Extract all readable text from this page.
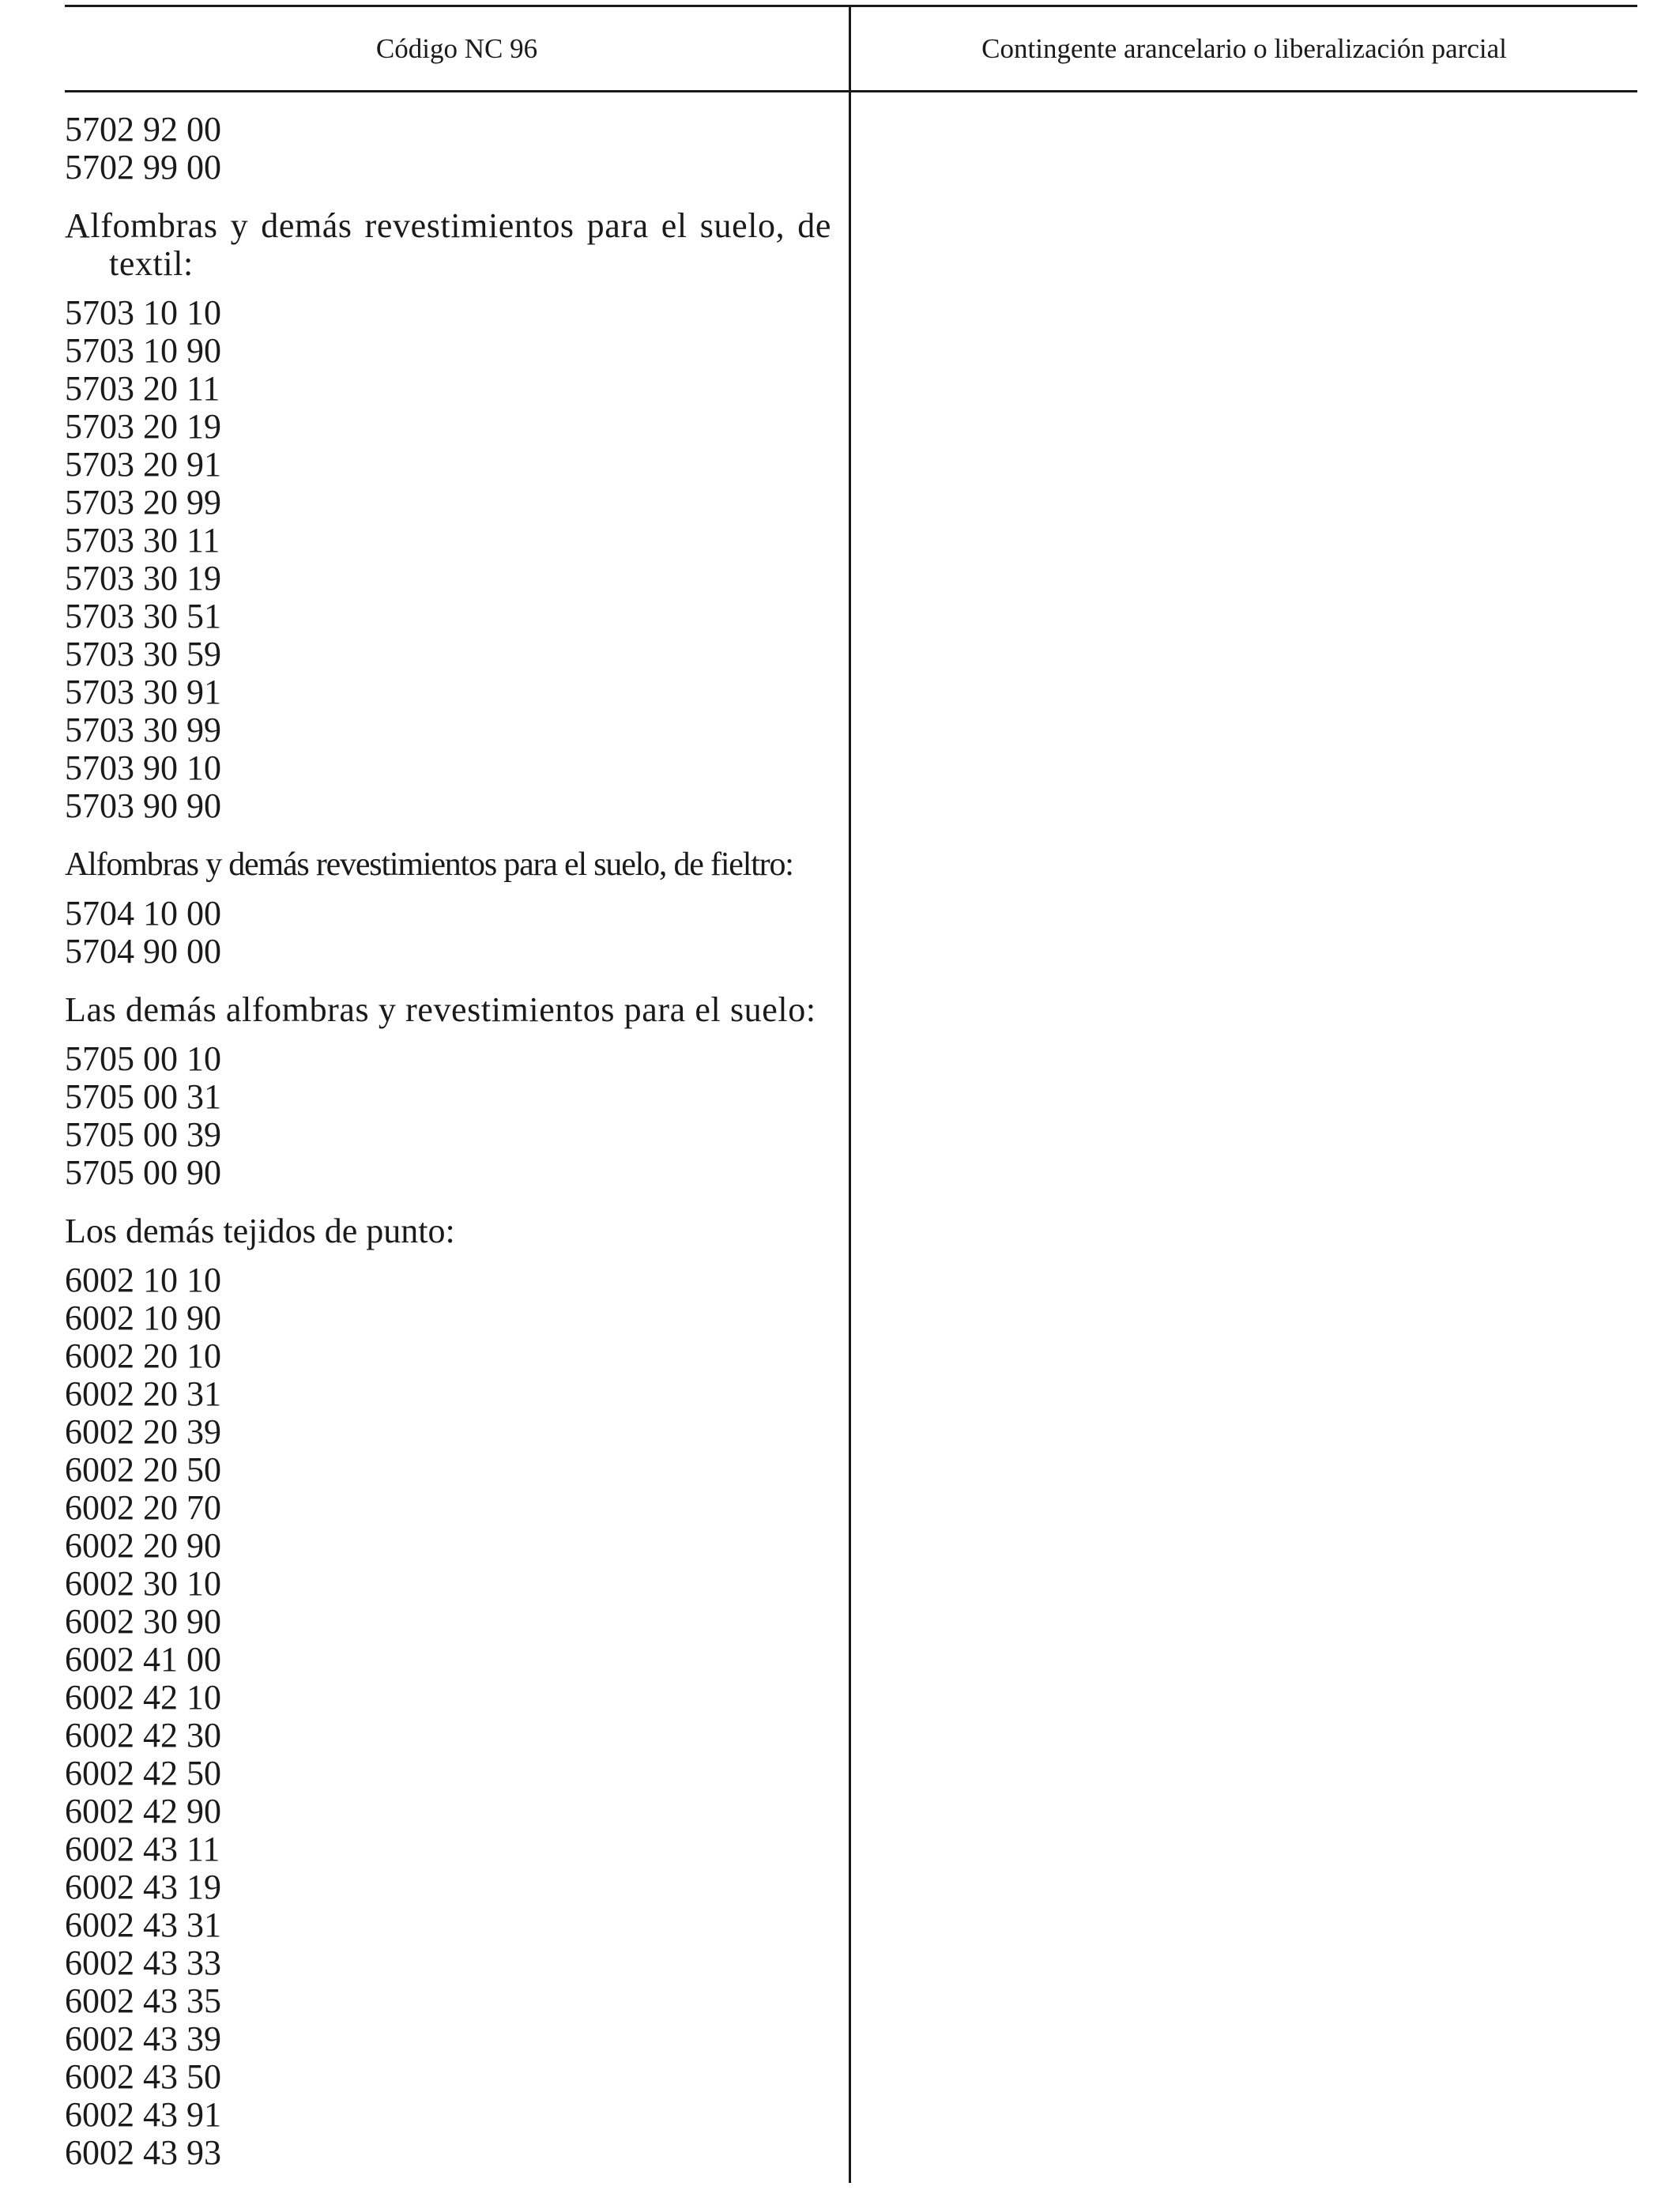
Código NC 96	Contingente arancelario o liberalización parcial
5702 92 00
5702 99 00
Alfombras y demás revestimientos para el suelo, de textil:
5703 10 10
5703 10 90
5703 20 11
5703 20 19
5703 20 91
5703 20 99
5703 30 11
5703 30 19
5703 30 51
5703 30 59
5703 30 91
5703 30 99
5703 90 10
5703 90 90
Alfombras y demás revestimientos para el suelo, de fieltro:
5704 10 00
5704 90 00
Las demás alfombras y revestimientos para el suelo:
5705 00 10
5705 00 31
5705 00 39
5705 00 90
Los demás tejidos de punto:
6002 10 10
6002 10 90
6002 20 10
6002 20 31
6002 20 39
6002 20 50
6002 20 70
6002 20 90
6002 30 10
6002 30 90
6002 41 00
6002 42 10
6002 42 30
6002 42 50
6002 42 90
6002 43 11
6002 43 19
6002 43 31
6002 43 33
6002 43 35
6002 43 39
6002 43 50
6002 43 91
6002 43 93
